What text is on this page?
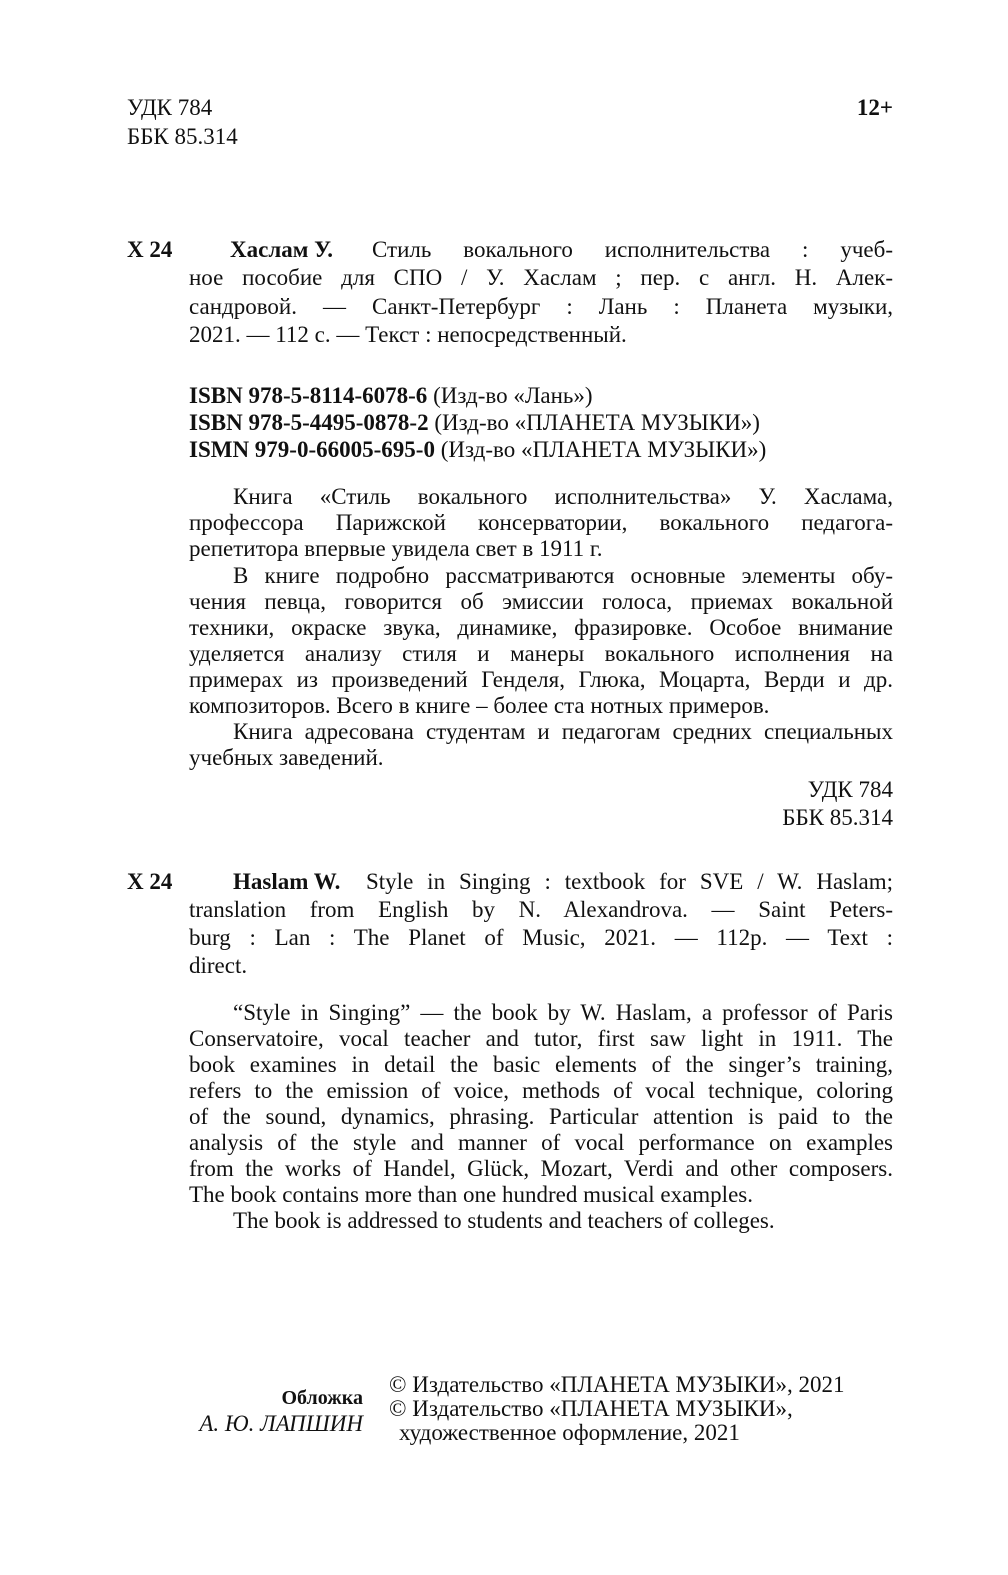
УДК 784
ББК 85.314
12+
Х 24	Хаслам У. Стиль вокального исполнительства : учеб-
ное пособие для СПО / У. Хаслам ; пер. с англ. Н. Алек-
сандровой. — Санкт-Петербург : Лань : Планета музыки,
2021. — 112 с. — Текст : непосредственный.
ISBN 978-5-8114-6078-6 (Изд-во «Лань»)
ISBN 978-5-4495-0878-2 (Изд-во «ПЛАНЕТА МУЗЫКИ»)
ISMN 979-0-66005-695-0 (Изд-во «ПЛАНЕТА МУЗЫКИ»)
Книга «Стиль вокального исполнительства» У. Хаслама,
профессора Парижской консерватории, вокального педагога-
репетитора впервые увидела свет в 1911 г.
В книге подробно рассматриваются основные элементы обу-
чения певца, говорится об эмиссии голоса, приемах вокальной
техники, окраске звука, динамике, фразировке. Особое внимание
уделяется анализу стиля и манеры вокального исполнения на
примерах из произведений Генделя, Глюка, Моцарта, Верди и др.
композиторов. Всего в книге – более ста нотных примеров.
Книга адресована студентам и педагогам средних специальных
учебных заведений.
УДК 784
ББК 85.314
Х 24	Haslam W. Style in Singing : textbook for SVE / W. Haslam;
translation from English by N. Alexandrova. — Saint Peters-
burg : Lan : The Planet of Music, 2021. — 112p. — Text :
direct.
“Style in Singing” — the book by W. Haslam, a professor of Paris
Conservatoire, vocal teacher and tutor, first saw light in 1911. The
book examines in detail the basic elements of the singer’s training,
refers to the emission of voice, methods of vocal technique, coloring
of the sound, dynamics, phrasing. Particular attention is paid to the
analysis of the style and manner of vocal performance on examples
from the works of Handel, Glück, Mozart, Verdi and other composers.
The book contains more than one hundred musical examples.
The book is addressed to students and teachers of colleges.
Обложка
А. Ю. ЛАПШИН
© Издательство «ПЛАНЕТА МУЗЫКИ», 2021
© Издательство «ПЛАНЕТА МУЗЫКИ»,
художественное оформление, 2021
